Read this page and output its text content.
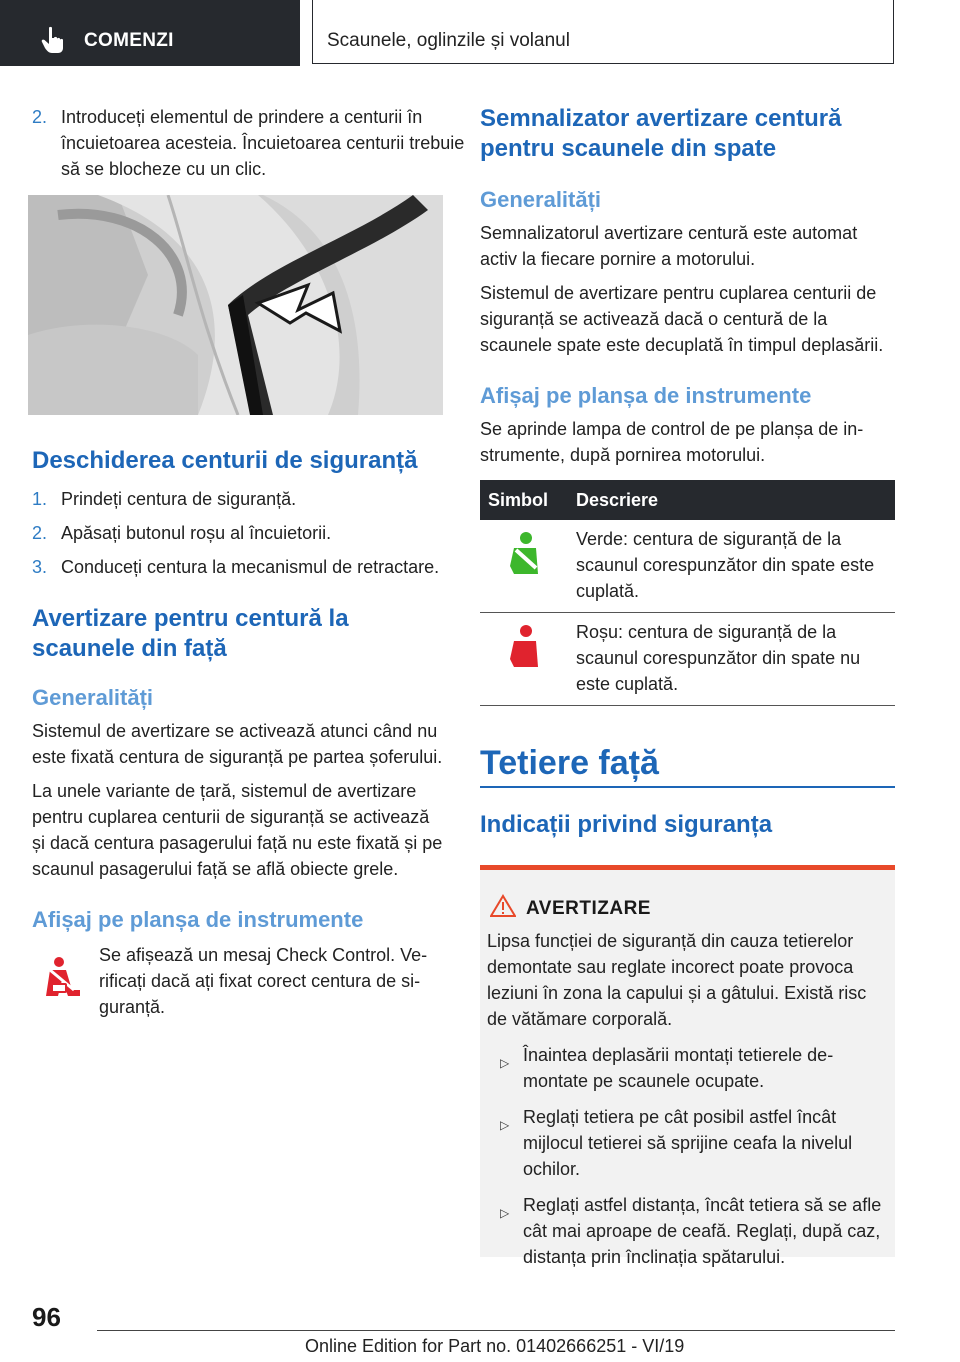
COMENZI	Scaunele, oglinzile și volanul
2. Introduceți elementul de prindere a centurii în încuietoarea acesteia. Încuietoarea centurii trebuie să se blocheze cu un clic.
Deschiderea centurii de siguranță
1. Prindeți centura de siguranță.
2. Apăsați butonul roșu al încuietorii.
3. Conduceți centura la mecanismul de retractare.
Avertizare pentru centură la scaunele din față
Generalități

Sistemul de avertizare se activează atunci când nu este fixată centura de siguranță pe partea șoferului.

La unele variante de țară, sistemul de avertizare pentru cuplarea centurii de siguranță se activează și dacă centura pasagerului față nu este fixată și pe scaunul pasagerului față se află obiecte grele.

Afișaj pe planșa de instrumente

Se afișează un mesaj Check Control. Verificați dacă ați fixat corect centura de siguranță.

Semnalizator avertizare centură pentru scaunele din spate
Generalități

Semnalizatorul avertizare centură este automat activ la fiecare pornire a motorului.

Sistemul de avertizare pentru cuplarea centurii de siguranță se activează dacă o centură de la scaunele spate este decuplată în timpul deplasării.

Afișaj pe planșa de instrumente

Se aprinde lampa de control de pe planșa de instrumente, după pornirea motorului.

Simbol	Descriere
	Verde: centura de siguranță de la scaunul corespunzător din spate este cuplată.
	Roșu: centura de siguranță de la scaunul corespunzător din spate nu este cuplată.
Tetiere față
Indicații privind siguranța
AVERTIZARE

Lipsa funcției de siguranță din cauza tetierelor demontate sau reglate incorect poate provoca leziuni în zona la capului și a gâtului. Există risc de vătămare corporală.

▷ Înaintea deplasării montați tetierele demontate pe scaunele ocupate.
▷ Reglați tetiera pe cât posibil astfel încât mijlocul tetierei să sprijine ceafa la nivelul ochilor.
▷ Reglați astfel distanța, încât tetiera să se afle cât mai aproape de ceafă. Reglați, după caz, distanța prin înclinația spătarului.
96
Online Edition for Part no. 01402666251 - VI/19
